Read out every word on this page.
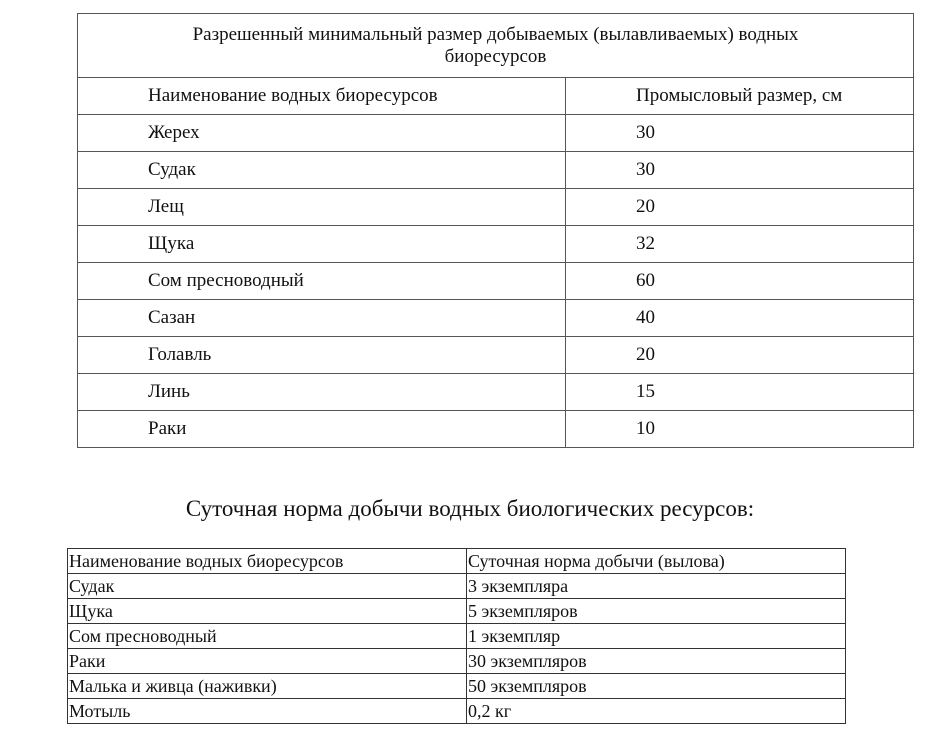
Разрешенный минимальный размер добываемых (вылавливаемых) водных биоресурсов	
Наименование водных биоресурсов	Промысловый размер, см
Жерех	30
Судак	30
Лещ	20
Щука	32
Сом пресноводный	60
Сазан	40
Голавль	20
Линь	15
Раки	10
Суточная норма добычи водных биологических ресурсов:
Наименование водных биоресурсов	Суточная норма добычи (вылова)
Судак	3 экземпляра
Щука	5 экземпляров
Сом пресноводный	1 экземпляр
Раки	30 экземпляров
Малька и живца (наживки)	50 экземпляров
Мотыль	0,2 кг
